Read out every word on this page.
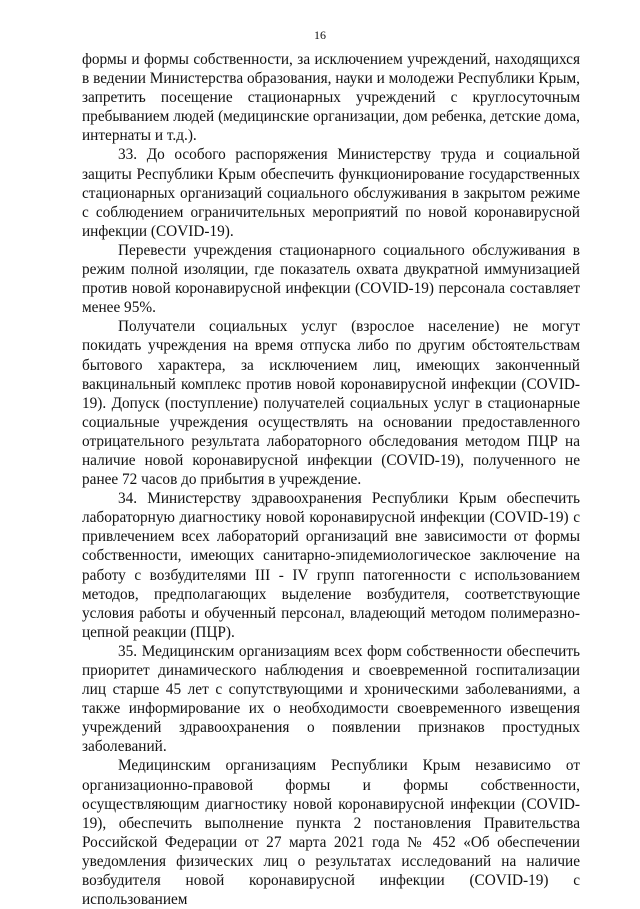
16

формы и формы собственности, за исключением учреждений, находящихся в ведении Министерства образования, науки и молодежи Республики Крым, запретить посещение стационарных учреждений с круглосуточным пребыванием людей (медицинские организации, дом ребенка, детские дома, интернаты и т.д.).

33. До особого распоряжения Министерству труда и социальной защиты Республики Крым обеспечить функционирование государственных стационарных организаций социального обслуживания в закрытом режиме с соблюдением ограничительных мероприятий по новой коронавирусной инфекции (COVID-19).

Перевести учреждения стационарного социального обслуживания в режим полной изоляции, где показатель охвата двукратной иммунизацией против новой коронавирусной инфекции (COVID-19) персонала составляет менее 95%.

Получатели социальных услуг (взрослое население) не могут покидать учреждения на время отпуска либо по другим обстоятельствам бытового характера, за исключением лиц, имеющих законченный вакцинальный комплекс против новой коронавирусной инфекции (COVID-19). Допуск (поступление) получателей социальных услуг в стационарные социальные учреждения осуществлять на основании предоставленного отрицательного результата лабораторного обследования методом ПЦР на наличие новой коронавирусной инфекции (COVID-19), полученного не ранее 72 часов до прибытия в учреждение.

34. Министерству здравоохранения Республики Крым обеспечить лабораторную диагностику новой коронавирусной инфекции (COVID-19) с привлечением всех лабораторий организаций вне зависимости от формы собственности, имеющих санитарно-эпидемиологическое заключение на работу с возбудителями III - IV групп патогенности с использованием методов, предполагающих выделение возбудителя, соответствующие условия работы и обученный персонал, владеющий методом полимеразно-цепной реакции (ПЦР).

35. Медицинским организациям всех форм собственности обеспечить приоритет динамического наблюдения и своевременной госпитализации лиц старше 45 лет с сопутствующими и хроническими заболеваниями, а также информирование их о необходимости своевременного извещения учреждений здравоохранения о появлении признаков простудных заболеваний.

Медицинским организациям Республики Крым независимо от организационно-правовой формы и формы собственности, осуществляющим диагностику новой коронавирусной инфекции (COVID-19), обеспечить выполнение пункта 2 постановления Правительства Российской Федерации от 27 марта 2021 года № 452 «Об обеспечении уведомления физических лиц о результатах исследований на наличие возбудителя новой коронавирусной инфекции (COVID-19) с использованием
